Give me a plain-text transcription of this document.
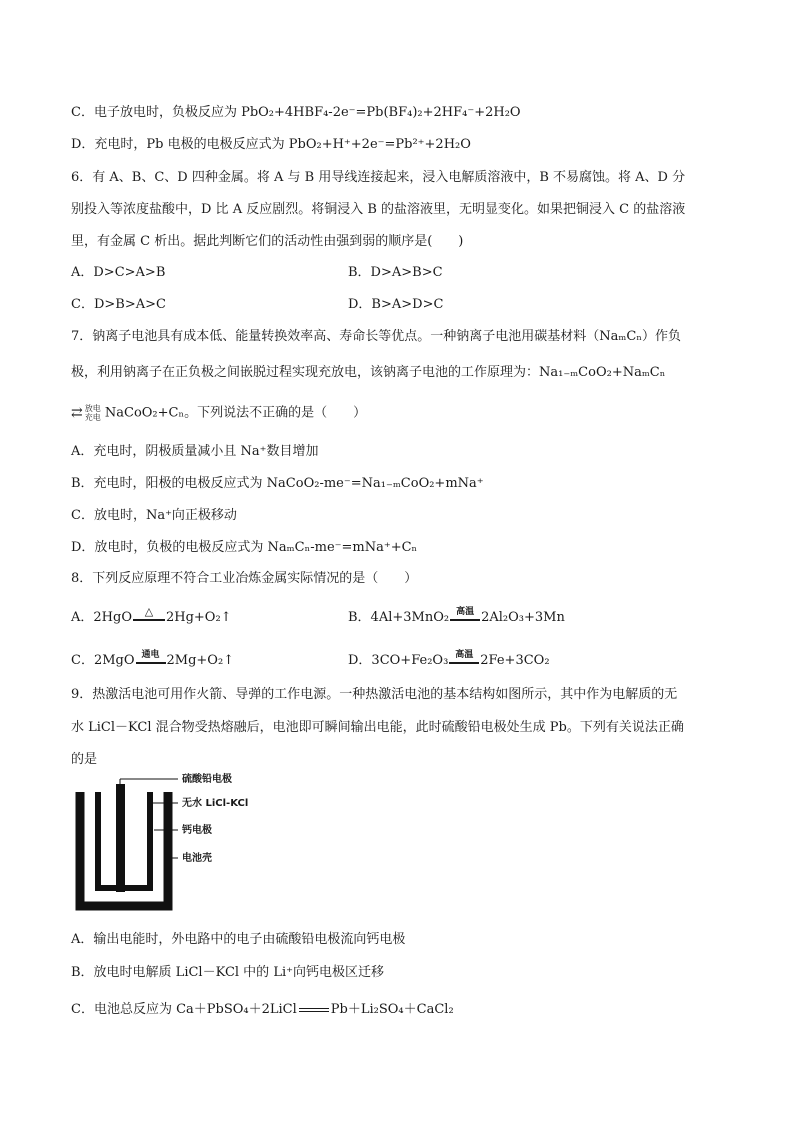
C．电子放电时，负极反应为 PbO₂+4HBF₄-2e⁻=Pb(BF₄)₂+2HF₄⁻+2H₂O
D．充电时，Pb 电极的电极反应式为 PbO₂+H⁺+2e⁻=Pb²⁺+2H₂O
6．有 A、B、C、D 四种金属。将 A 与 B 用导线连接起来，浸入电解质溶液中，B 不易腐蚀。将 A、D 分
别投入等浓度盐酸中，D 比 A 反应剧烈。将铜浸入 B 的盐溶液里，无明显变化。如果把铜浸入 C 的盐溶液
里，有金属 C 析出。据此判断它们的活动性由强到弱的顺序是(　　)
A．D>C>A>B	B．D>A>B>C
C．D>B>A>C	D．B>A>D>C
7．钠离子电池具有成本低、能量转换效率高、寿命长等优点。一种钠离子电池用碳基材料（NaₘCₙ）作负
极，利用钠离子在正负极之间嵌脱过程实现充放电，该钠离子电池的工作原理为：Na₁₋ₘCoO₂+NaₘCₙ
⇄ 放电
充电 NaCoO₂+Cₙ。下列说法不正确的是（　　）
A．充电时，阴极质量减小且 Na⁺数目增加
B．充电时，阳极的电极反应式为 NaCoO₂-me⁻=Na₁₋ₘCoO₂+mNa⁺
C．放电时，Na⁺向正极移动
D．放电时，负极的电极反应式为 NaₘCₙ-me⁻=mNa⁺+Cₙ
8．下列反应原理不符合工业冶炼金属实际情况的是（　　）
A．2HgO △ 2Hg+O₂↑	B．4Al+3MnO₂ 高温 2Al₂O₃+3Mn
C．2MgO 通电 2Mg+O₂↑	D．3CO+Fe₂O₃ 高温 2Fe+3CO₂
9．热激活电池可用作火箭、导弹的工作电源。一种热激活电池的基本结构如图所示，其中作为电解质的无
水 LiCl－KCl 混合物受热熔融后，电池即可瞬间输出电能，此时硫酸铅电极处生成 Pb。下列有关说法正确
的是
硫酸铅电极
无水 LiCl-KCl
钙电极
电池壳
A．输出电能时，外电路中的电子由硫酸铅电极流向钙电极
B．放电时电解质 LiCl－KCl 中的 Li⁺向钙电极区迁移
C．电池总反应为 Ca＋PbSO₄＋2LiCl	Pb＋Li₂SO₄＋CaCl₂
